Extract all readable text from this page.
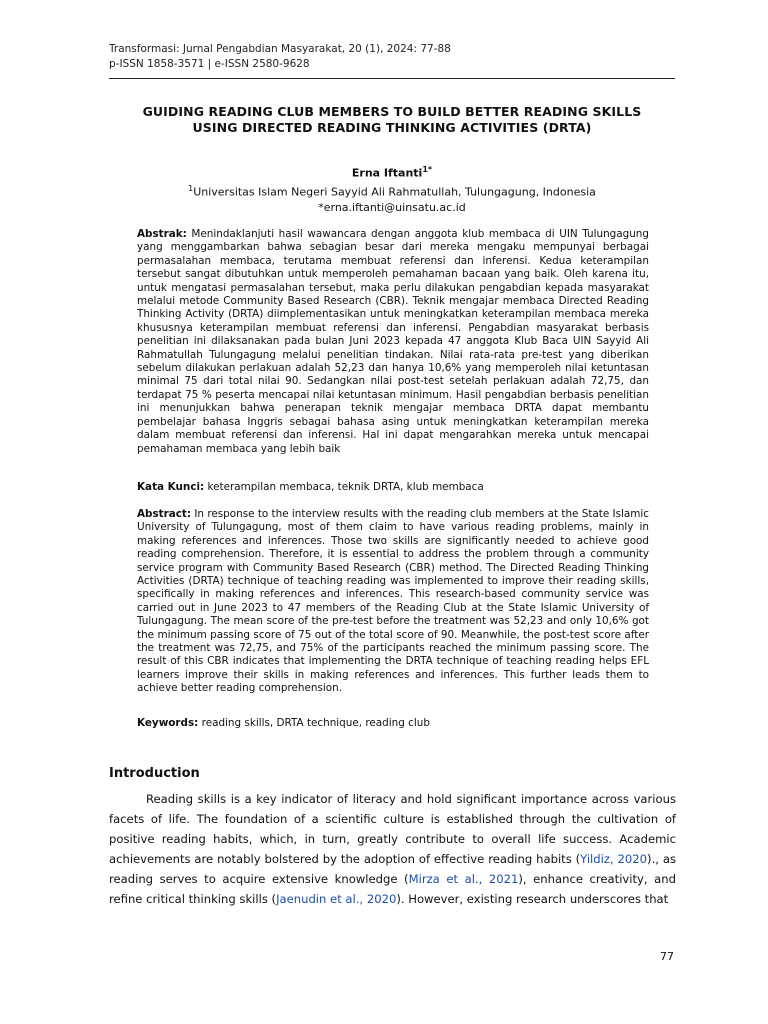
Transformasi: Jurnal Pengabdian Masyarakat, 20 (1), 2024: 77-88
p-ISSN 1858-3571 | e-ISSN 2580-9628
GUIDING READING CLUB MEMBERS TO BUILD BETTER READING SKILLS
USING DIRECTED READING THINKING ACTIVITIES (DRTA)
Erna Iftanti$^{1*}$
$^1$Universitas Islam Negeri Sayyid Ali Rahmatullah, Tulungagung, Indonesia
*erna.iftanti@uinsatu.ac.id
Abstrak: Menindaklanjuti hasil wawancara dengan anggota klub membaca di UIN Tulungagung yang menggambarkan bahwa sebagian besar dari mereka mengaku mempunyai berbagai permasalahan membaca, terutama membuat referensi dan inferensi. Kedua keterampilan tersebut sangat dibutuhkan untuk memperoleh pemahaman bacaan yang baik. Oleh karena itu, untuk mengatasi permasalahan tersebut, maka perlu dilakukan pengabdian kepada masyarakat melalui metode Community Based Research (CBR). Teknik mengajar membaca Directed Reading Thinking Activity (DRTA) diimplementasikan untuk meningkatkan keterampilan membaca mereka khususnya keterampilan membuat referensi dan inferensi. Pengabdian masyarakat berbasis penelitian ini dilaksanakan pada bulan Juni 2023 kepada 47 anggota Klub Baca UIN Sayyid Ali Rahmatullah Tulungagung melalui penelitian tindakan. Nilai rata-rata pre-test yang diberikan sebelum dilakukan perlakuan adalah 52,23 dan hanya 10,6% yang memperoleh nilai ketuntasan minimal 75 dari total nilai 90. Sedangkan nilai post-test setelah perlakuan adalah 72,75, dan terdapat 75 % peserta mencapai nilai ketuntasan minimum. Hasil pengabdian berbasis penelitian ini menunjukkan bahwa penerapan teknik mengajar membaca DRTA dapat membantu pembelajar bahasa Inggris sebagai bahasa asing untuk meningkatkan keterampilan mereka dalam membuat referensi dan inferensi. Hal ini dapat mengarahkan mereka untuk mencapai pemahaman membaca yang lebih baik
Kata Kunci: keterampilan membaca, teknik DRTA, klub membaca
Abstract: In response to the interview results with the reading club members at the State Islamic University of Tulungagung, most of them claim to have various reading problems, mainly in making references and inferences. Those two skills are significantly needed to achieve good reading comprehension. Therefore, it is essential to address the problem through a community service program with Community Based Research (CBR) method. The Directed Reading Thinking Activities (DRTA) technique of teaching reading was implemented to improve their reading skills, specifically in making references and inferences. This research-based community service was carried out in June 2023 to 47 members of the Reading Club at the State Islamic University of Tulungagung. The mean score of the pre-test before the treatment was 52,23 and only 10,6% got the minimum passing score of 75 out of the total score of 90. Meanwhile, the post-test score after the treatment was 72,75, and 75% of the participants reached the minimum passing score. The result of this CBR indicates that implementing the DRTA technique of teaching reading helps EFL learners improve their skills in making references and inferences. This further leads them to achieve better reading comprehension.
Keywords: reading skills, DRTA technique, reading club
Introduction
Reading skills is a key indicator of literacy and hold significant importance across various facets of life. The foundation of a scientific culture is established through the cultivation of positive reading habits, which, in turn, greatly contribute to overall life success. Academic achievements are notably bolstered by the adoption of effective reading habits (Yildiz, 2020)., as reading serves to acquire extensive knowledge (Mirza et al., 2021), enhance creativity, and refine critical thinking skills (Jaenudin et al., 2020). However, existing research underscores that
77
